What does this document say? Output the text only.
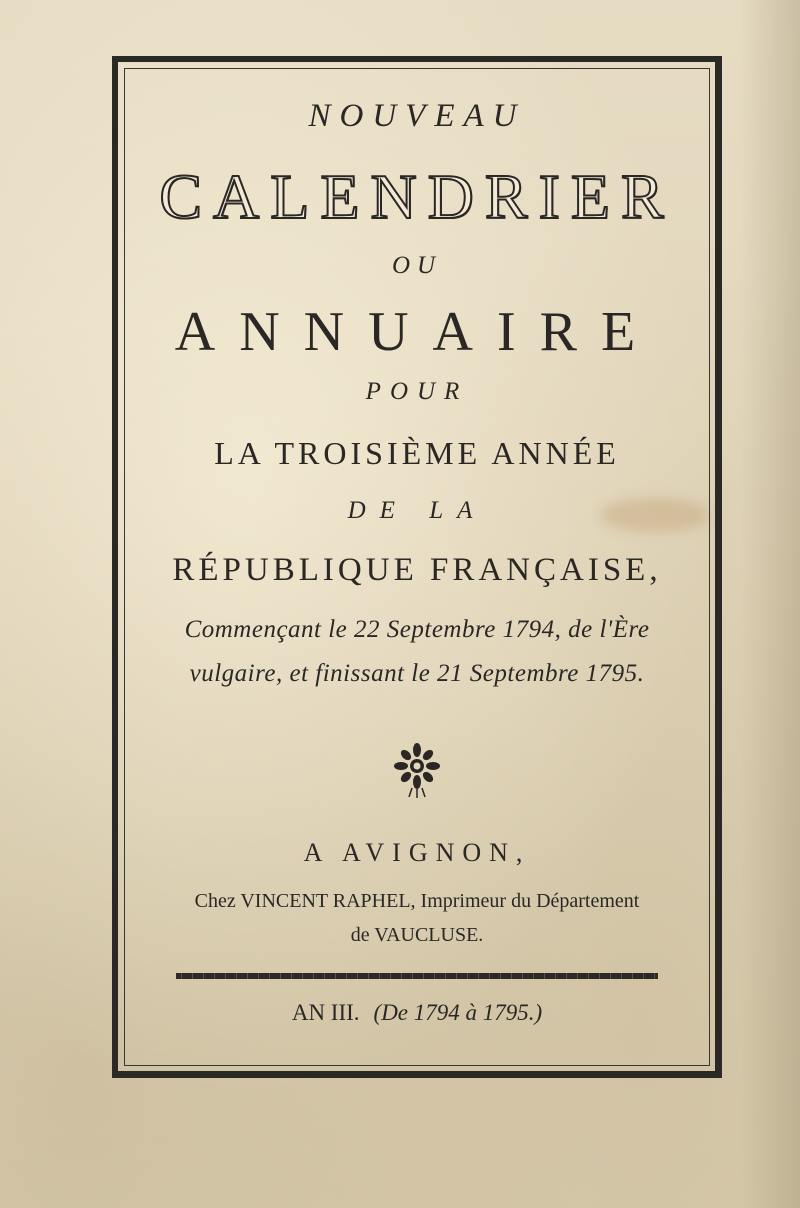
NOUVEAU
CALENDRIER
OU
ANNUAIRE
POUR
LA TROISIÈME ANNÉE
DE LA
RÉPUBLIQUE FRANÇAISE,
Commençant le 22 Septembre 1794, de l'Ère
vulgaire, et finissant le 21 Septembre 1795.
A AVIGNON,
Chez VINCENT RAPHEL, Imprimeur du Département
de VAUCLUSE.
AN III. (De 1794 à 1795.)
